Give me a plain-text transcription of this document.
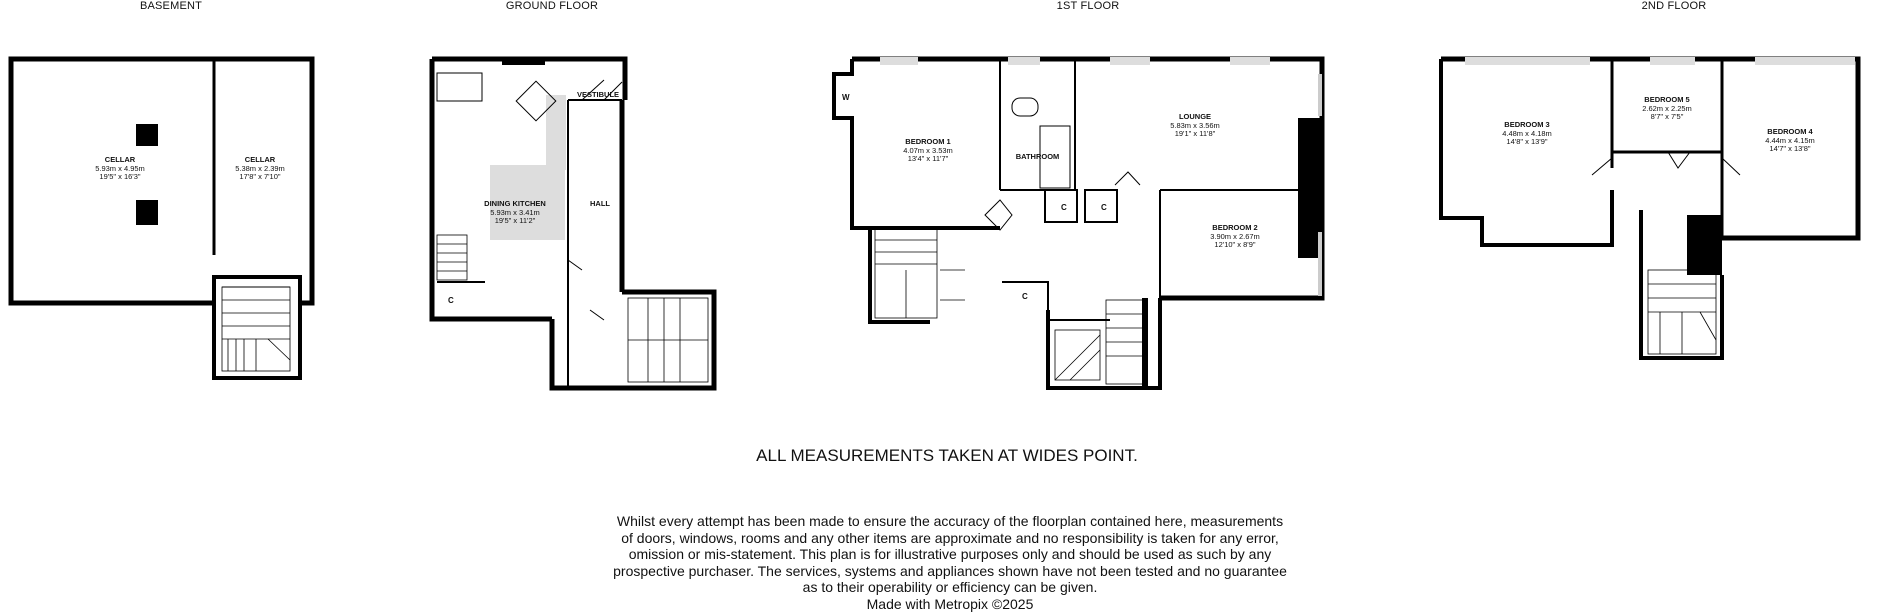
BASEMENT	GROUND FLOOR	1ST FLOOR	2ND FLOOR
CELLAR
5.93m x 4.95m
19'5" x 16'3"
CELLAR
5.38m x 2.39m
17'8" x 7'10"
DINING KITCHEN
5.93m x 3.41m
19'5" x 11'2"
VESTIBULE
HALL
C
BEDROOM 1
4.07m x 3.53m
13'4" x 11'7"	BATHROOM
LOUNGE
5.83m x 3.56m
19'1" x 11'8"
BEDROOM 2
3.90m x 2.67m
12'10" x 8'9"
W
C	C
C
BEDROOM 3
4.48m x 4.18m
14'8" x 13'9"
BEDROOM 5
2.62m x 2.25m
8'7" x 7'5"
BEDROOM 4
4.44m x 4.15m
14'7" x 13'8"
ALL MEASUREMENTS TAKEN AT WIDES POINT.
Whilst every attempt has been made to ensure the accuracy of the floorplan contained here, measurements
of doors, windows, rooms and any other items are approximate and no responsibility is taken for any error,
omission or mis-statement. This plan is for illustrative purposes only and should be used as such by any
prospective purchaser. The services, systems and appliances shown have not been tested and no guarantee
as to their operability or efficiency can be given.
Made with Metropix ©2025
